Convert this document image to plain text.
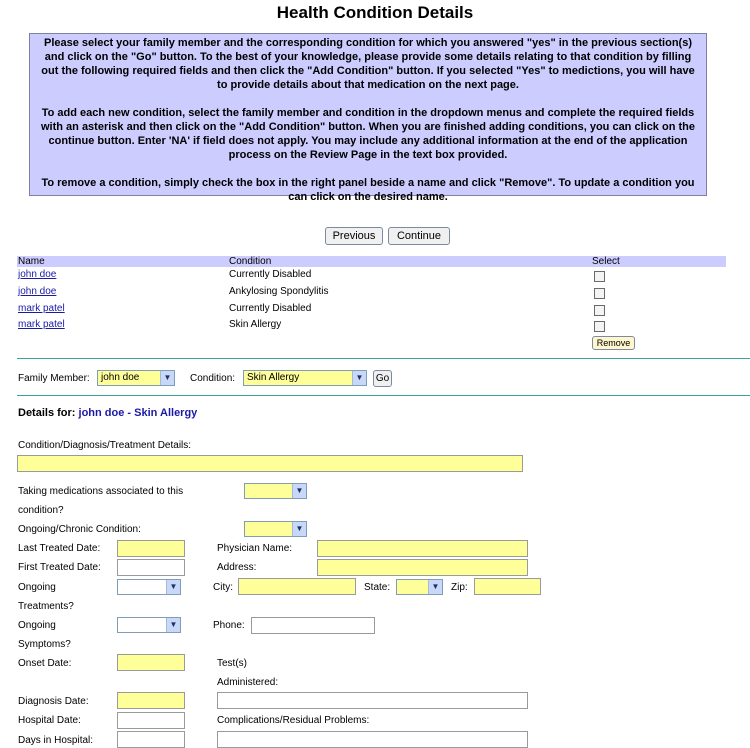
Health Condition Details

Please select your family member and the corresponding condition for which you answered "yes" in the previous section(s) and click on the "Go" button. To the best of your knowledge, please provide some details relating to that condition by filling out the following required fields and then click the "Add Condition" button. If you selected "Yes" to medictions, you will have to provide details about that medication on the next page.

To add each new condition, select the family member and condition in the dropdown menus and complete the required fields with an asterisk and then click on the "Add Condition" button. When you are finished adding conditions, you can click on the continue button. Enter 'NA' if field does not apply. You may include any additional information at the end of the application process on the Review Page in the text box provided.

To remove a condition, simply check the box in the right panel beside a name and click "Remove". To update a condition you can click on the desired name.

Previous	Continue
Name	Condition	Select
john doe	Currently Disabled
john doe	Ankylosing Spondylitis
mark patel	Currently Disabled
mark patel	Skin Allergy
Remove
Family Member:	john doe	▼ Condition:	Skin Allergy	▼ Go
Details for: john doe - Skin Allergy
Condition/Diagnosis/Treatment Details:
Taking medications associated to this
condition?
▼
Ongoing/Chronic Condition:	▼
Last Treated Date:	Physician Name:
First Treated Date:	Address:
Ongoing
Treatments?
▼	City:	State:	▼ Zip:
Ongoing
Symptoms?
▼	Phone:
Onset Date:	Test(s)
Administered:
Diagnosis Date:
Hospital Date:	Complications/Residual Problems:
Days in Hospital:
